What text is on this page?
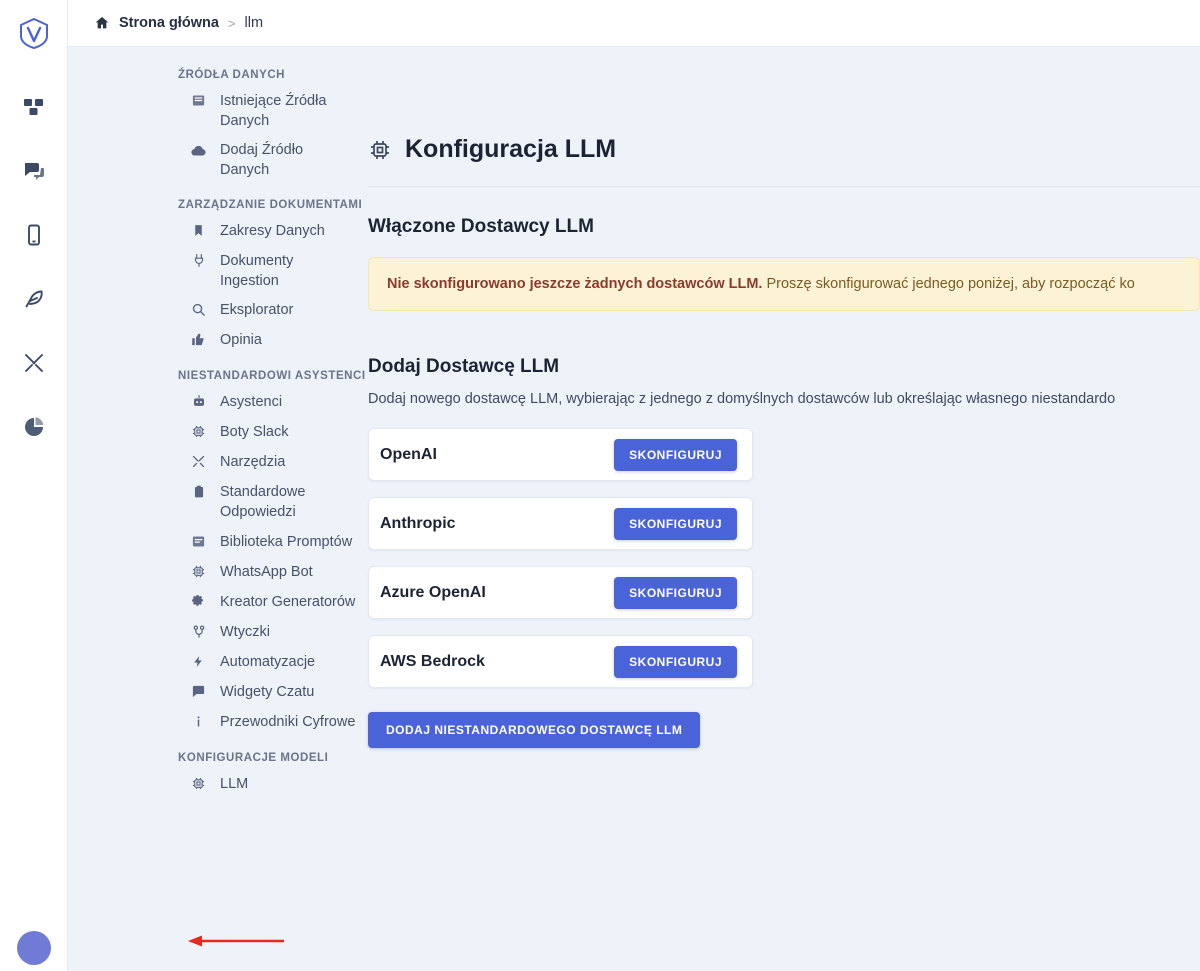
Strona główna > llm
ŹRÓDŁA DANYCH
Istniejące Źródła Danych
Dodaj Źródło Danych
ZARZĄDZANIE DOKUMENTAMI
Zakresy Danych
Dokumenty Ingestion
Eksplorator
Opinia
NIESTANDARDOWI ASYSTENCI
Asystenci
Boty Slack
Narzędzia
Standardowe Odpowiedzi
Biblioteka Promptów
WhatsApp Bot
Kreator Generatorów
Wtyczki
Automatyzacje
Widgety Czatu
Przewodniki Cyfrowe
KONFIGURACJE MODELI
LLM
Konfiguracja LLM
Włączone Dostawcy LLM
Nie skonfigurowano jeszcze żadnych dostawców LLM. Proszę skonfigurować jednego poniżej, aby rozpocząć ko
Dodaj Dostawcę LLM
Dodaj nowego dostawcę LLM, wybierając z jednego z domyślnych dostawców lub określając własnego niestandardo
OpenAI	SKONFIGURUJ
Anthropic	SKONFIGURUJ
Azure OpenAI	SKONFIGURUJ
AWS Bedrock	SKONFIGURUJ
DODAJ NIESTANDARDOWEGO DOSTAWCĘ LLM
